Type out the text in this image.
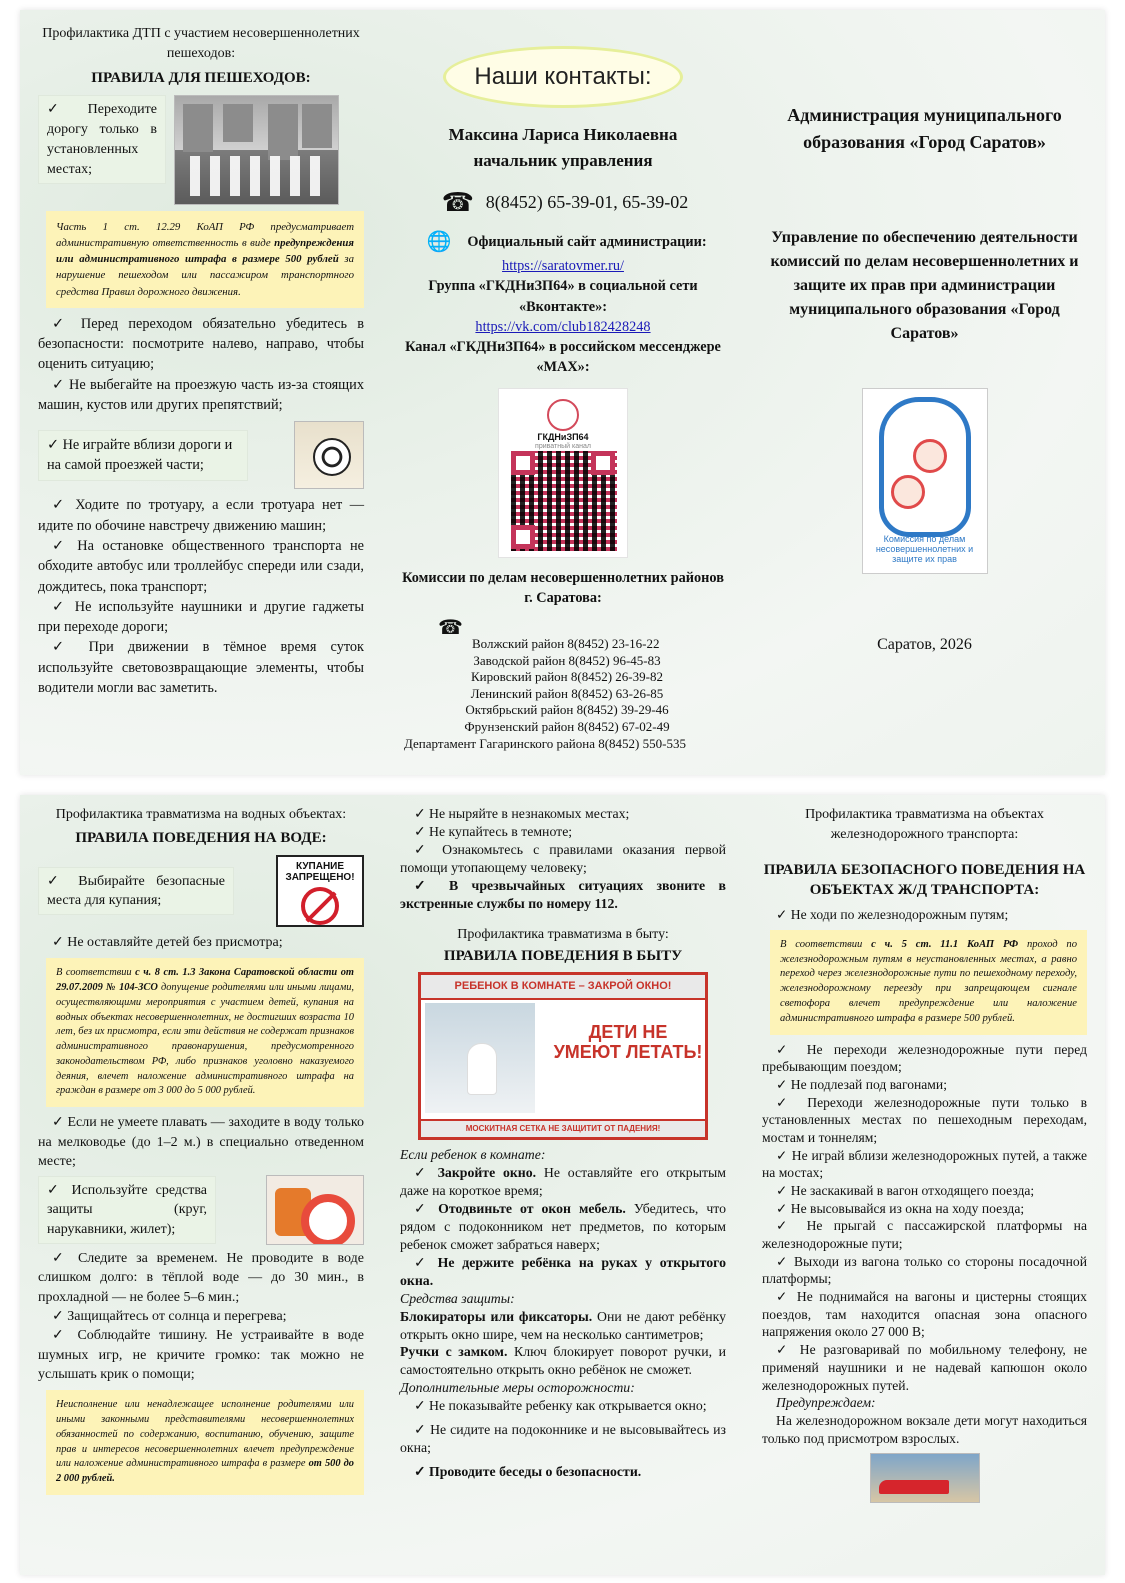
Профилактика ДТП с участием несовершеннолетних пешеходов:

ПРАВИЛА ДЛЯ ПЕШЕХОДОВ:

✓ Переходите дорогу только в установленных местах;
Часть 1 ст. 12.29 КоАП РФ предусматривает административную ответственность в виде предупреждения или административного штрафа в размере 500 рублей за нарушение пешеходом или пассажиром транспортного средства Правил дорожного движения.

✓ Перед переходом обязательно убедитесь в безопасности: посмотрите налево, направо, чтобы оценить ситуацию;

✓ Не выбегайте на проезжую часть из-за стоящих машин, кустов или других препятствий;

✓ Не играйте вблизи дороги и на самой проезжей части;

✓ Ходите по тротуару, а если тротуара нет — идите по обочине навстречу движению машин;

✓ На остановке общественного транспорта не обходите автобус или троллейбус спереди или сзади, дождитесь, пока транспорт;

✓ Не используйте наушники и другие гаджеты при переходе дороги;

✓ При движении в тёмное время суток используйте световозвращающие элементы, чтобы водители могли вас заметить.

Наши контакты:

Максина Лариса Николаевна

начальник управления

☎ 8(8452) 65-39-01, 65-39-02
🌐	Официальный сайт администрации:

https://saratovmer.ru/

Группа «ГКДНиЗП64» в социальной сети «Вконтакте»:

https://vk.com/club182428248

Канал «ГКДНиЗП64» в российском мессенджере «МАХ»:

ГКДНиЗП64
приватный канал

Комиссии по делам несовершеннолетних районов г. Саратова:

☎

Волжский район 8(8452) 23-16-22

Заводской район 8(8452) 96-45-83

Кировский район 8(8452) 26-39-82

Ленинский район 8(8452) 63-26-85

Октябрьский район 8(8452) 39-29-46

Фрунзенский район 8(8452) 67-02-49

Департамент Гагаринского района 8(8452) 550-535

Администрация муниципального образования «Город Саратов»

Управление по обеспечению деятельности комиссий по делам несовершеннолетних и защите их прав при администрации муниципального образования «Город Саратов»

Комиссия по делам несовершеннолетних и защите их прав

Саратов, 2026

Профилактика травматизма на водных объектах:

ПРАВИЛА ПОВЕДЕНИЯ НА ВОДЕ:

✓ Выбирайте безопасные места для купания;
КУПАНИЕ ЗАПРЕЩЕНО!

✓ Не оставляйте детей без присмотра;

В соответствии с ч. 8 ст. 1.3 Закона Саратовской области от 29.07.2009 № 104-ЗСО допущение родителями или иными лицами, осуществляющими мероприятия с участием детей, купания на водных объектах несовершеннолетних, не достигших возраста 10 лет, без их присмотра, если эти действия не содержат признаков административного правонарушения, предусмотренного законодательством РФ, либо признаков уголовно наказуемого деяния, влечет наложение административного штрафа на граждан в размере от 3 000 до 5 000 рублей.

✓ Если не умеете плавать — заходите в воду только на мелководье (до 1–2 м.) в специально отведенном месте;

✓ Используйте средства защиты (круг, нарукавники, жилет);

✓ Следите за временем. Не проводите в воде слишком долго: в тёплой воде — до 30 мин., в прохладной — не более 5–6 мин.;

✓ Защищайтесь от солнца и перегрева;

✓ Соблюдайте тишину. Не устраивайте в воде шумных игр, не кричите громко: так можно не услышать крик о помощи;

Неисполнение или ненадлежащее исполнение родителями или иными законными представителями несовершеннолетних обязанностей по содержанию, воспитанию, обучению, защите прав и интересов несовершеннолетних влечет предупреждение или наложение административного штрафа в размере от 500 до 2 000 рублей.

✓ Не ныряйте в незнакомых местах;

✓ Не купайтесь в темноте;

✓ Ознакомьтесь с правилами оказания первой помощи утопающему человеку;

✓ В чрезвычайных ситуациях звоните в экстренные службы по номеру 112.

Профилактика травматизма в быту:

ПРАВИЛА ПОВЕДЕНИЯ В БЫТУ

РЕБЕНОК В КОМНАТЕ – ЗАКРОЙ ОКНО!
ДЕТИ НЕ УМЕЮТ ЛЕТАТЬ!
МОСКИТНАЯ СЕТКА НЕ ЗАЩИТИТ ОТ ПАДЕНИЯ!

Если ребенок в комнате:

✓ Закройте окно. Не оставляйте его открытым даже на короткое время;

✓ Отодвиньте от окон мебель. Убедитесь, что рядом с подоконником нет предметов, по которым ребенок сможет забраться наверх;

✓ Не держите ребёнка на руках у открытого окна.

Средства защиты:

Блокираторы или фиксаторы. Они не дают ребёнку открыть окно шире, чем на несколько сантиметров;

Ручки с замком. Ключ блокирует поворот ручки, и самостоятельно открыть окно ребёнок не сможет.

Дополнительные меры осторожности:

✓ Не показывайте ребенку как открывается окно;

✓ Не сидите на подоконнике и не высовывайтесь из окна;

✓ Проводите беседы о безопасности.

Профилактика травматизма на объектах железнодорожного транспорта:

ПРАВИЛА БЕЗОПАСНОГО ПОВЕДЕНИЯ НА ОБЪЕКТАХ Ж/Д ТРАНСПОРТА:

✓ Не ходи по железнодорожным путям;

В соответствии с ч. 5 ст. 11.1 КоАП РФ проход по железнодорожным путям в неустановленных местах, а равно переход через железнодорожные пути по пешеходному переходу, железнодорожному переезду при запрещающем сигнале светофора влечет предупреждение или наложение административного штрафа в размере 500 рублей.

✓ Не переходи железнодорожные пути перед пребывающим поездом;

✓ Не подлезай под вагонами;

✓ Переходи железнодорожные пути только в установленных местах по пешеходным переходам, мостам и тоннелям;

✓ Не играй вблизи железнодорожных путей, а также на мостах;

✓ Не заскакивай в вагон отходящего поезда;

✓ Не высовывайся из окна на ходу поезда;

✓ Не прыгай с пассажирской платформы на железнодорожные пути;

✓ Выходи из вагона только со стороны посадочной платформы;

✓ Не поднимайся на вагоны и цистерны стоящих поездов, там находится опасная зона опасного напряжения около 27 000 В;

✓ Не разговаривай по мобильному телефону, не применяй наушники и не надевай капюшон около железнодорожных путей.

Предупреждаем:

На железнодорожном вокзале дети могут находиться только под присмотром взрослых.
